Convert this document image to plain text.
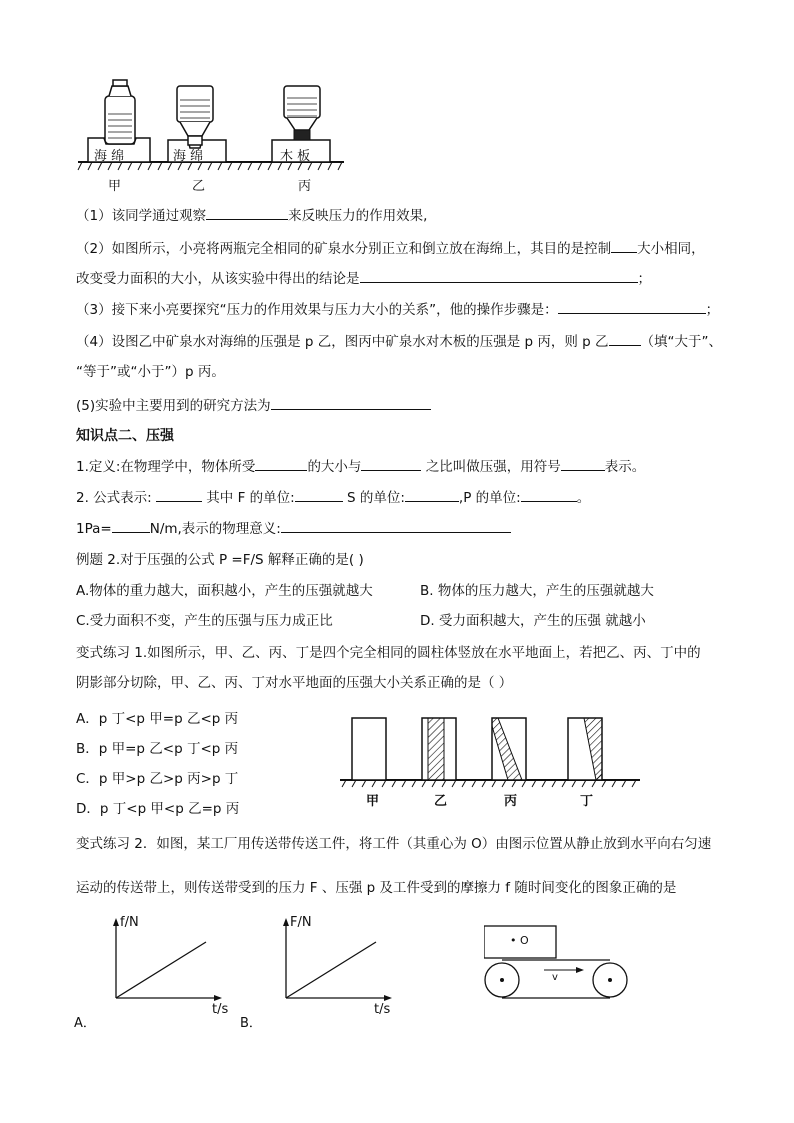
海 绵	海 绵	木 板
甲	乙	丙
（1）该同学通过观察	来反映压力的作用效果,
（2）如图所示，小亮将两瓶完全相同的矿泉水分别正立和倒立放在海绵上，其目的是控制 大小相同，
改变受力面积的大小，从该实验中得出的结论是	；
（3）接下来小亮要探究“压力的作用效果与压力大小的关系”，他的操作步骤是：	；
（4）设图乙中矿泉水对海绵的压强是 p 乙，图丙中矿泉水对木板的压强是 p 丙，则 p 乙 （填“大于”、
“等于”或“小于”）p 丙。
(5)实验中主要用到的研究方法为
知识点二、压强
1.定义:在物理学中，物体所受	的大小与	之比叫做压强，用符号	表示。
2. 公式表示:	其中 F 的单位:	S 的单位:	,P 的单位:	。
1Pa=	N/m,表示的物理意义:
例题 2.对于压强的公式 P =F/S 解释正确的是( )
A.物体的重力越大，面积越小，产生的压强就越大	B. 物体的压力越大，产生的压强就越大
C.受力面积不变，产生的压强与压力成正比	D. 受力面积越大，产生的压强 就越小
变式练习 1.如图所示，甲、乙、丙、丁是四个完全相同的圆柱体竖放在水平地面上，若把乙、丙、丁中的
阴影部分切除，甲、乙、丙、丁对水平地面的压强大小关系正确的是（ ）
A．p 丁<p 甲=p 乙<p 丙
B．p 甲=p 乙<p 丁<p 丙
C．p 甲>p 乙>p 丙>p 丁
D．p 丁<p 甲<p 乙=p 丙	甲	乙	丙	丁
变式练习 2．如图，某工厂用传送带传送工件，将工件（其重心为 O）由图示位置从静止放到水平向右匀速
运动的传送带上，则传送带受到的压力 F 、压强 p 及工件受到的摩擦力 f 随时间变化的图象正确的是
f/N
t/s
A．
F/N
t/s
B．
• O
v
